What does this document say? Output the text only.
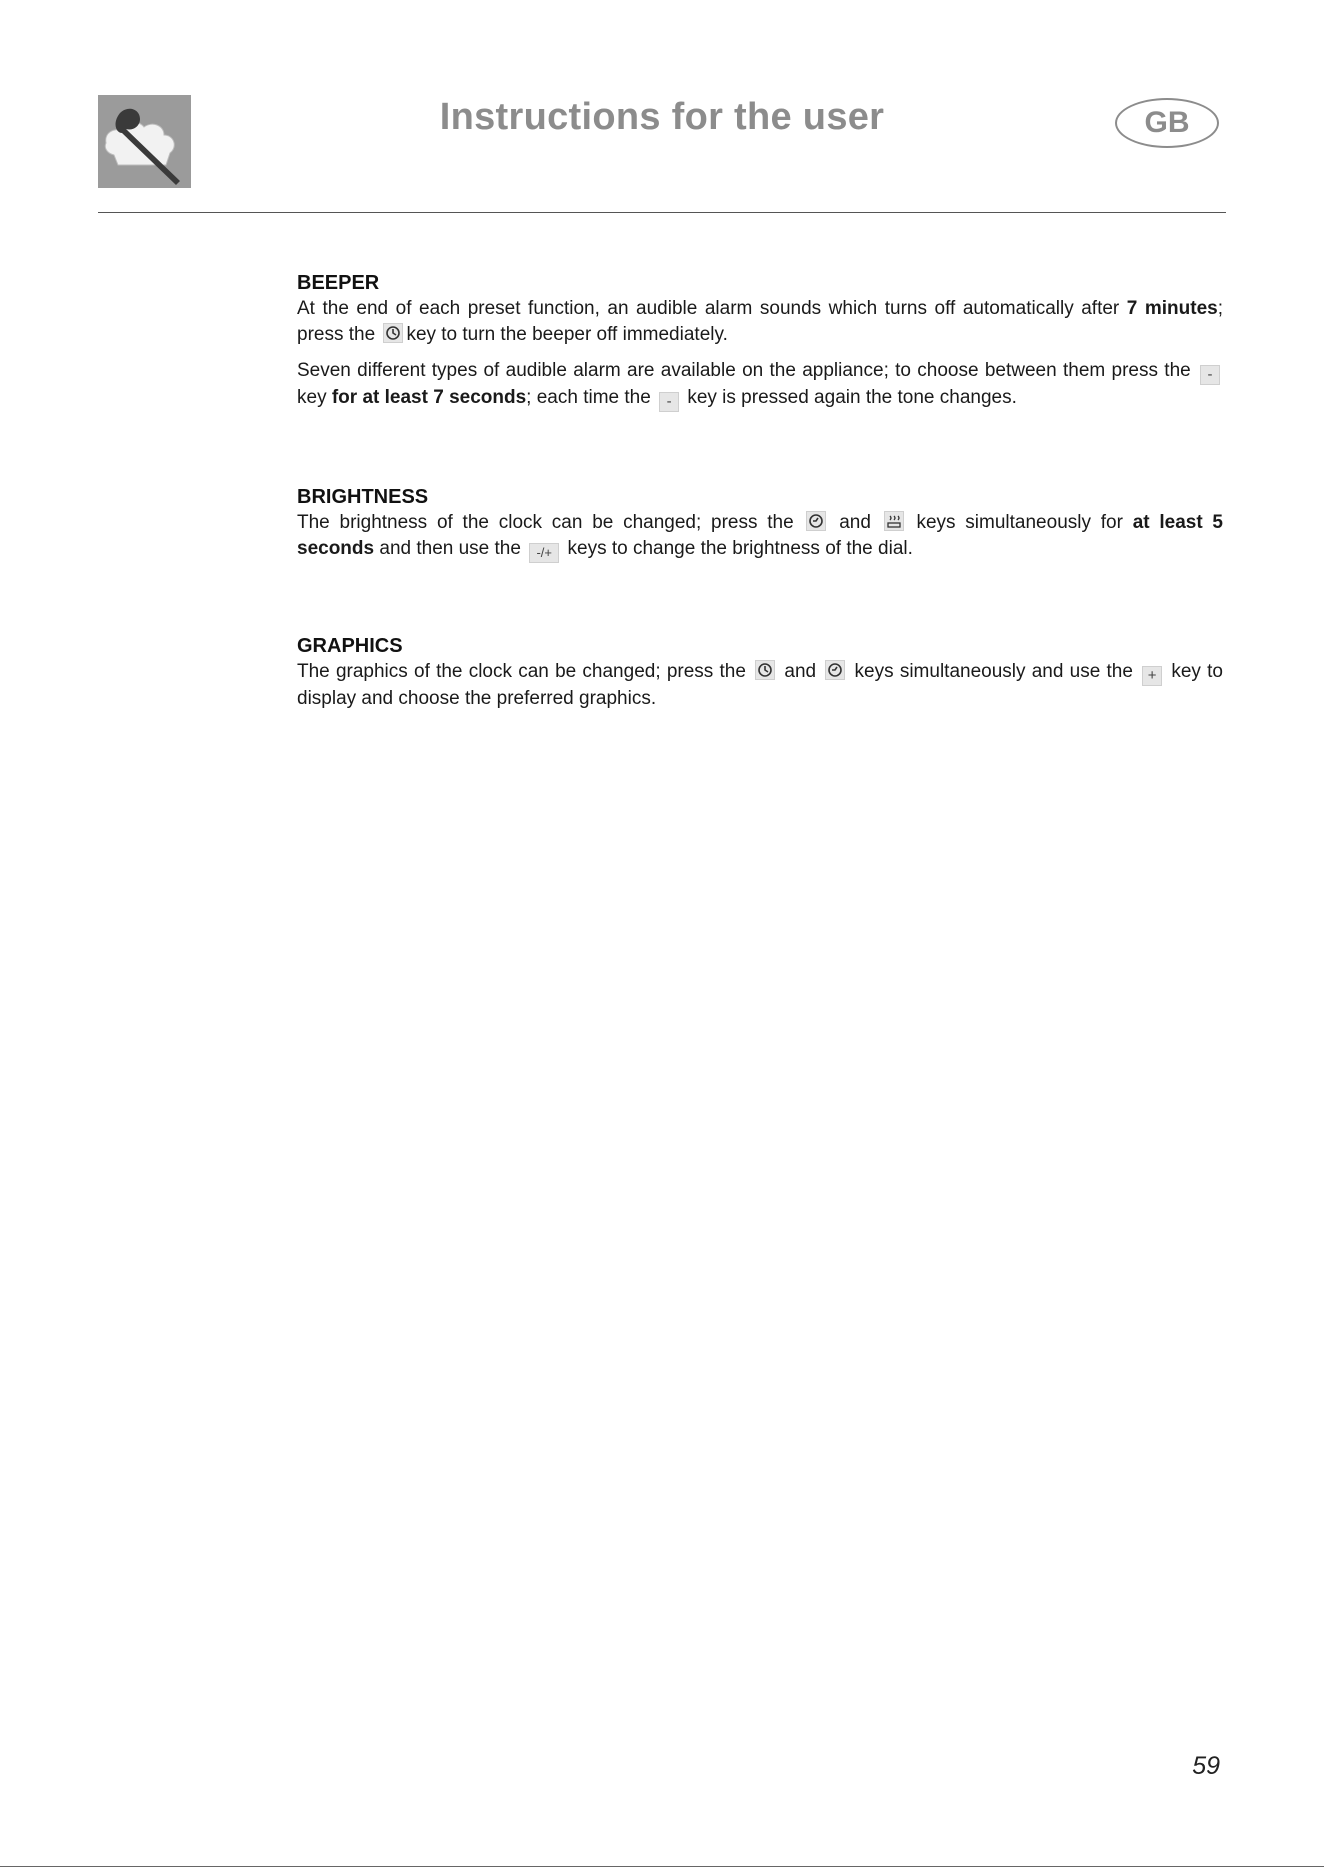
Instructions for the user	GB
BEEPER

At the end of each preset function, an audible alarm sounds which turns off automatically after 7 minutes; press the
key to turn the beeper off immediately.

Seven different types of audible alarm are available on the appliance; to choose between them press the - key for at least 7 seconds; each time the - key is pressed again the tone changes.

BRIGHTNESS

The brightness of the clock can be changed; press the
and
keys simultaneously for at least 5 seconds and then use the -/+ keys to change the brightness of the dial.

GRAPHICS

The graphics of the clock can be changed; press the
and
keys simultaneously and use the + key to display and choose the preferred graphics.

59
